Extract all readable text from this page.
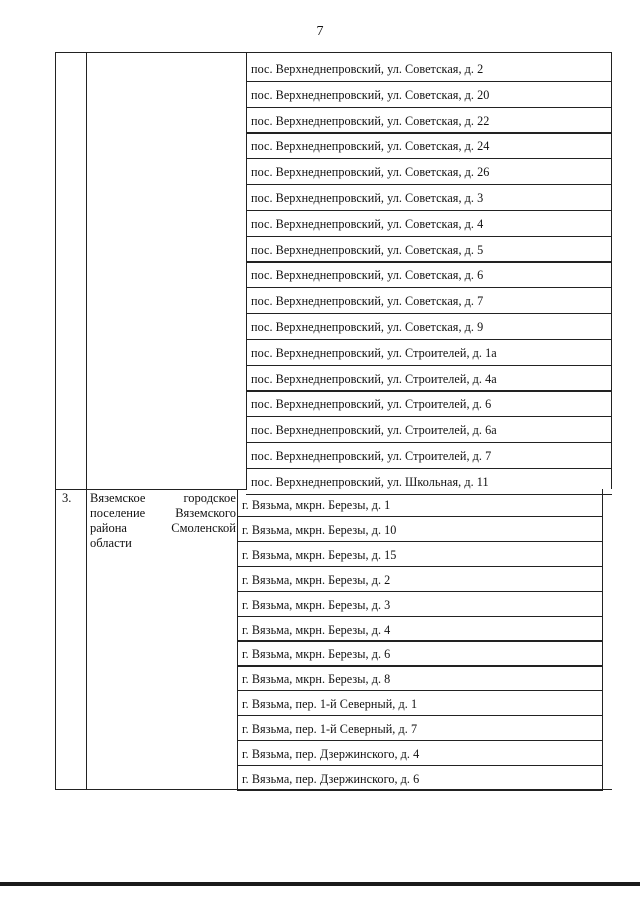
7
пос. Верхнеднепровский, ул. Советская, д. 2
пос. Верхнеднепровский, ул. Советская, д. 20
пос. Верхнеднепровский, ул. Советская, д. 22
пос. Верхнеднепровский, ул. Советская, д. 24
пос. Верхнеднепровский, ул. Советская, д. 26
пос. Верхнеднепровский, ул. Советская, д. 3
пос. Верхнеднепровский, ул. Советская, д. 4
пос. Верхнеднепровский, ул. Советская, д. 5
пос. Верхнеднепровский, ул. Советская, д. 6
пос. Верхнеднепровский, ул. Советская, д. 7
пос. Верхнеднепровский, ул. Советская, д. 9
пос. Верхнеднепровский, ул. Строителей, д. 1а
пос. Верхнеднепровский, ул. Строителей, д. 4а
пос. Верхнеднепровский, ул. Строителей, д. 6
пос. Верхнеднепровский, ул. Строителей, д. 6а
пос. Верхнеднепровский, ул. Строителей, д. 7
пос. Верхнеднепровский, ул. Школьная, д. 11
г. Вязьма, мкрн. Березы, д. 1
г. Вязьма, мкрн. Березы, д. 10
г. Вязьма, мкрн. Березы, д. 15
г. Вязьма, мкрн. Березы, д. 2
г. Вязьма, мкрн. Березы, д. 3
г. Вязьма, мкрн. Березы, д. 4
г. Вязьма, мкрн. Березы, д. 6
г. Вязьма, мкрн. Березы, д. 8
г. Вязьма, пер. 1-й Северный, д. 1
г. Вязьма, пер. 1-й Северный, д. 7
г. Вязьма, пер. Дзержинского, д. 4
г. Вязьма, пер. Дзержинского, д. 6
3. Вяземское городское поселение Вяземского района Смоленской области
